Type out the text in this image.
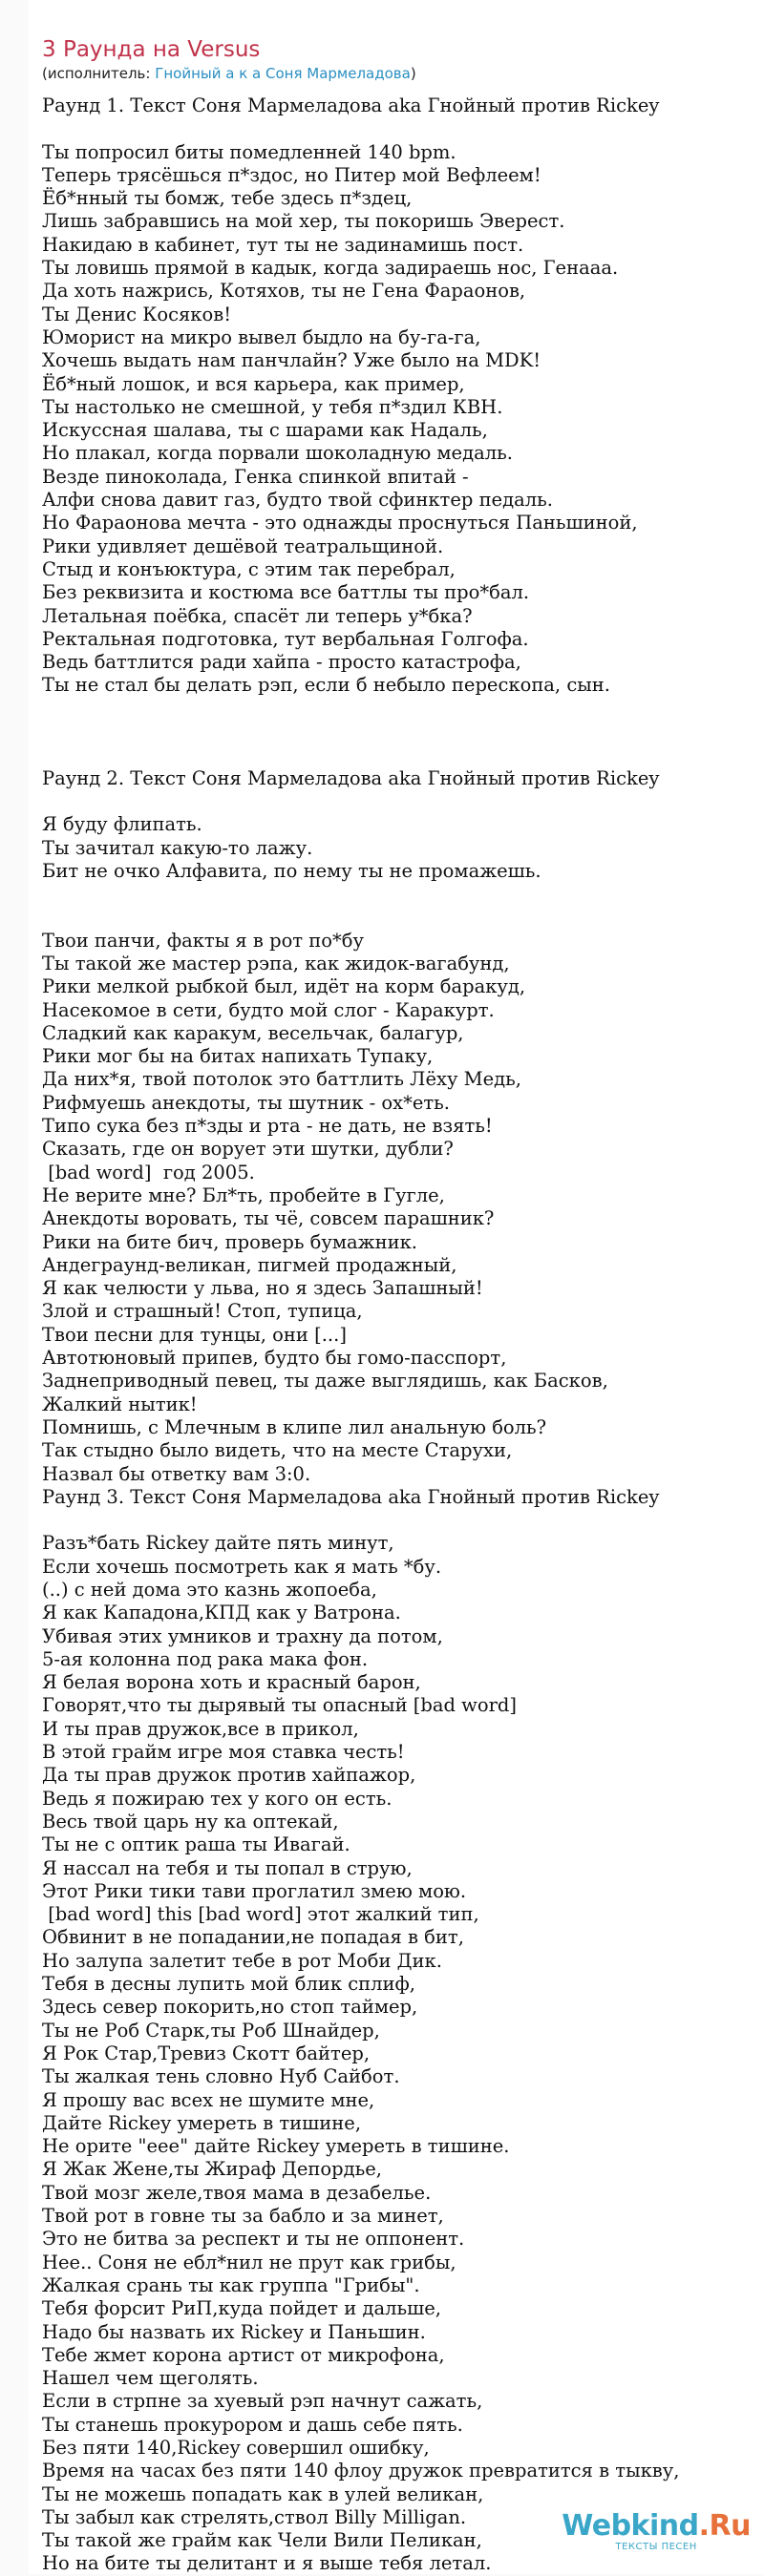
3 Раунда на Versus
(исполнитель: Гнойный а к а Соня Мармеладова)
Раунд 1. Текст Соня Мармеладова aka Гнойный против Rickey
Ты попросил биты помедленней 140 bpm.
Теперь трясёшься п*здос, но Питер мой Вефлеем!
Ёб*нный ты бомж, тебе здесь п*здец,
Лишь забравшись на мой хер, ты покоришь Эверест.
Накидаю в кабинет, тут ты не задинамишь пост.
Ты ловишь прямой в кадык, когда задираешь нос, Генааа.
Да хоть нажрись, Котяхов, ты не Гена Фараонов,
Ты Денис Косяков!
Юморист на микро вывел быдло на бу-га-га,
Хочешь выдать нам панчлайн? Уже было на MDK!
Ёб*ный лошок, и вся карьера, как пример,
Ты настолько не смешной, у тебя п*здил КВН.
Искуссная шалава, ты с шарами как Надаль,
Но плакал, когда порвали шоколадную медаль.
Везде пиноколада, Генка спинкой впитай -
Алфи снова давит газ, будто твой сфинктер педаль.
Но Фараонова мечта - это однажды проснуться Паньшиной,
Рики удивляет дешёвой театральщиной.
Стыд и конъюктура, с этим так перебрал,
Без реквизита и костюма все баттлы ты про*бал.
Летальная поёбка, спасёт ли теперь у*бка?
Ректальная подготовка, тут вербальная Голгофа.
Ведь баттлится ради хайпа - просто катастрофа,
Ты не стал бы делать рэп, если б небыло перескопа, сын.
Раунд 2. Текст Соня Мармеладова aka Гнойный против Rickey
Я буду флипать.
Ты зачитал какую-то лажу.
Бит не очко Алфавита, по нему ты не промажешь.
Твои панчи, факты я в рот по*бу
Ты такой же мастер рэпа, как жидок-вагабунд,
Рики мелкой рыбкой был, идёт на корм баракуд,
Насекомое в сети, будто мой слог - Каракурт.
Сладкий как каракум, весельчак, балагур,
Рики мог бы на битах напихать Тупаку,
Да них*я, твой потолок это баттлить Лёху Медь,
Рифмуешь анекдоты, ты шутник - ох*еть.
Типо сука без п*зды и рта - не дать, не взять!
Сказать, где он ворует эти шутки, дубли?
[bad word]  год 2005.
Не верите мне? Бл*ть, пробейте в Гугле,
Анекдоты воровать, ты чё, совсем парашник?
Рики на бите бич, проверь бумажник.
Андеграунд-великан, пигмей продажный,
Я как челюсти у льва, но я здесь Запашный!
Злой и страшный! Стоп, тупица,
Твои песни для тунцы, они [...]
Автотюновый припев, будто бы гомо-пасспорт,
Заднеприводный певец, ты даже выглядишь, как Басков,
Жалкий нытик!
Помнишь, с Млечным в клипе лил анальную боль?
Так стыдно было видеть, что на месте Старухи,
Назвал бы ответку вам 3:0.
Раунд 3. Текст Соня Мармеладова aka Гнойный против Rickey
Разъ*бать Rickey дайте пять минут,
Если хочешь посмотреть как я мать *бу.
(..) с ней дома это казнь жопоеба,
Я как Кападона,КПД как у Ватрона.
Убивая этих умников и трахну да потом,
5-ая колонна под рака мака фон.
Я белая ворона хоть и красный барон,
Говорят,что ты дырявый ты опасный [bad word]
И ты прав дружок,все в прикол,
В этой грайм игре моя ставка честь!
Да ты прав дружок против хайпажор,
Ведь я пожираю тех у кого он есть.
Весь твой царь ну ка оптекай,
Ты не с оптик раша ты Ивагай.
Я нассал на тебя и ты попал в струю,
Этот Рики тики тави проглатил змею мою.
[bad word] this [bad word] этот жалкий тип,
Обвинит в не попадании,не попадая в бит,
Но залупа залетит тебе в рот Моби Дик.
Тебя в десны лупить мой блик сплиф,
Здесь север покорить,но стоп таймер,
Ты не Роб Старк,ты Роб Шнайдер,
Я Рок Стар,Тревиз Скотт байтер,
Ты жалкая тень словно Нуб Сайбот.
Я прошу вас всех не шумите мне,
Дайте Rickey умереть в тишине,
Не орите "еее" дайте Rickey умереть в тишине.
Я Жак Жене,ты Жираф Депордье,
Твой мозг желе,твоя мама в дезабелье.
Твой рот в говне ты за бабло и за минет,
Это не битва за респект и ты не оппонент.
Нее.. Соня не ебл*нил не прут как грибы,
Жалкая срань ты как группа "Грибы".
Тебя форсит РиП,куда пойдет и дальше,
Надо бы назвать их Rickey и Паньшин.
Тебе жмет корона артист от микрофона,
Нашел чем щеголять.
Если в стрпне за хуевый рэп начнут сажать,
Ты станешь прокурором и дашь себе пять.
Без пяти 140,Rickey совершил ошибку,
Время на часах без пяти 140 флоу дружок превратится в тыкву,
Ты не можешь попадать как в улей великан,
Ты забыл как стрелять,ствол Billy Milligan.
Ты такой же грайм как Чели Вили Пеликан,
Но на бите ты делитант и я выше тебя летал.
Webkind.Ru
ТЕКСТЫ ПЕСЕН
